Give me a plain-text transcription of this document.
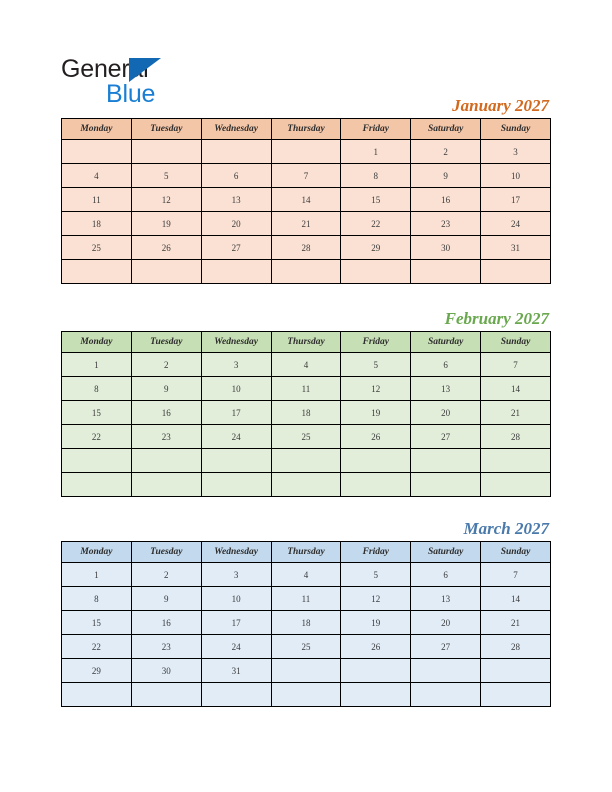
General
Blue	January 2027
Monday	Tuesday	Wednesday	Thursday	Friday	Saturday	Sunday
				1	2	3
4	5	6	7	8	9	10
11	12	13	14	15	16	17
18	19	20	21	22	23	24
25	26	27	28	29	30	31

February 2027
Monday	Tuesday	Wednesday	Thursday	Friday	Saturday	Sunday
1	2	3	4	5	6	7
8	9	10	11	12	13	14
15	16	17	18	19	20	21
22	23	24	25	26	27	28

March 2027
Monday	Tuesday	Wednesday	Thursday	Friday	Saturday	Sunday
1	2	3	4	5	6	7
8	9	10	11	12	13	14
15	16	17	18	19	20	21
22	23	24	25	26	27	28
29	30	31				
